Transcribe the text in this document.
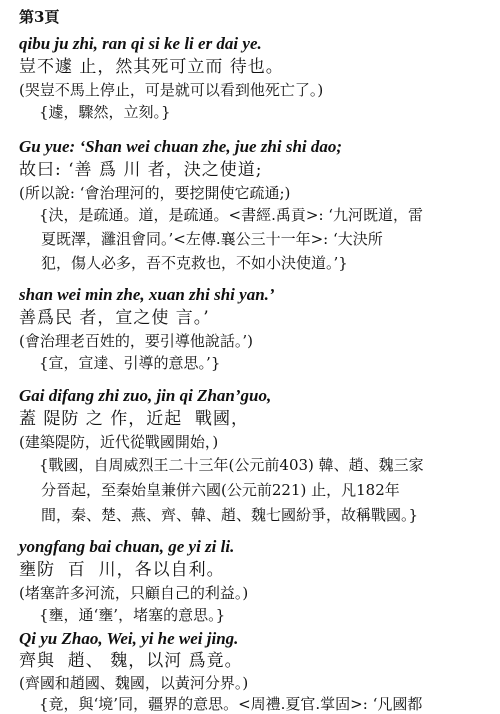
第3頁
qibu ju zhi, ran qi si ke li er dai ye.
豈不遽 止，然其死可立而 待也。
(哭豈不馬上停止，可是就可以看到他死亡了。)
{遽，驟然，立刻。}
Gu yue: ‘Shan wei chuan zhe, jue zhi shi dao;
故曰: ‘善 爲 川 者，決之使道;
(所以說: ‘會治理河的，要挖開使它疏通;)
{決，是疏通。道，是疏通。<書經.禹貢>: ‘九河既道，雷
夏既澤，灉沮會同。’<左傳.襄公三十一年>: ‘大決所
犯，傷人必多，吾不克救也，不如小決使道。’}
shan wei min zhe, xuan zhi shi yan.’
善爲民 者，宣之使 言。’
(會治理老百姓的，要引導他說話。’)
{宣，宣達、引導的意思。’}
Gai difang zhi zuo, jin qi Zhan’guo,
蓋 隄防 之 作，近起  戰國，
(建築隄防，近代從戰國開始，)
{戰國，自周威烈王二十三年(公元前403) 韓、趙、魏三家
分晉起，至秦始皇兼併六國(公元前221) 止，凡182年
間，秦、楚、燕、齊、韓、趙、魏七國紛爭，故稱戰國。}
yongfang bai chuan, ge yi zi li.
壅防  百  川，各以自利。
(堵塞許多河流，只顧自己的利益。)
{壅，通‘壅’，堵塞的意思。}
Qi yu Zhao, Wei, yi he wei jing.
齊與  趙、 魏，以河 爲竟。
(齊國和趙國、魏國，以黃河分界。)
{竟，與‘境’同，疆界的意思。<周禮.夏官.掌固>: ‘凡國都
